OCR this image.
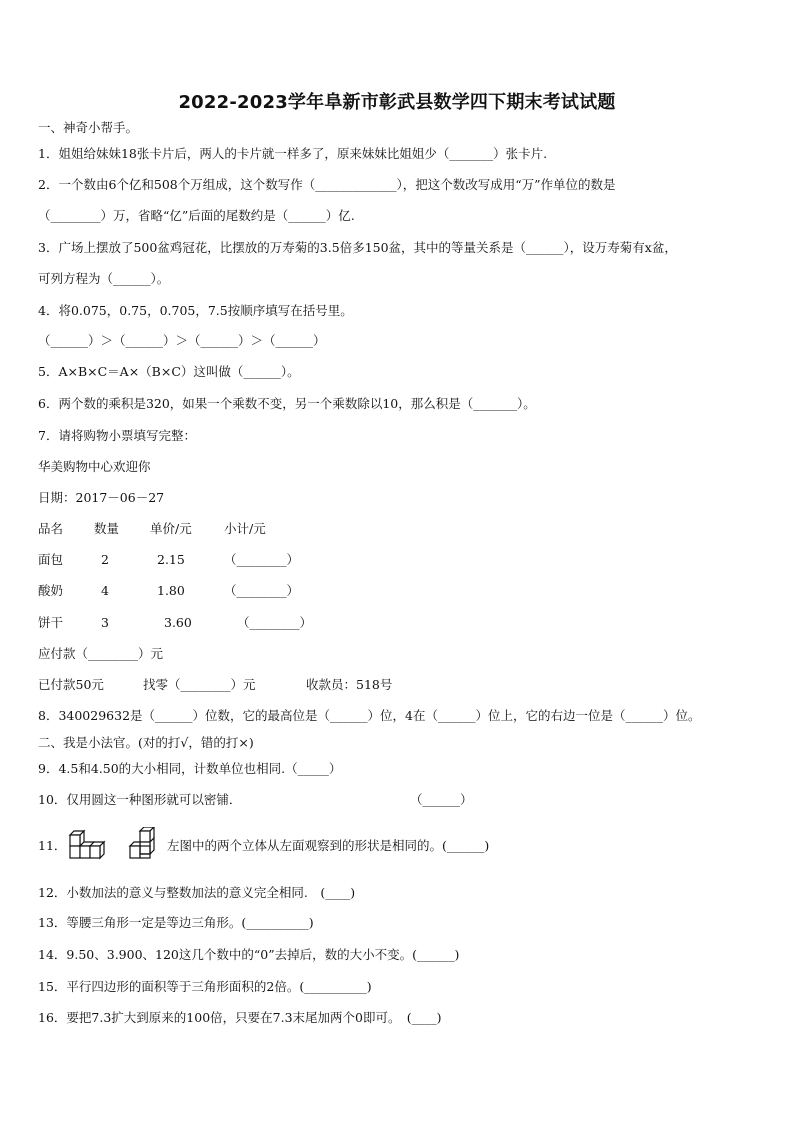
2022-2023学年阜新市彰武县数学四下期末考试试题
一、神奇小帮手。
1．姐姐给妹妹18张卡片后，两人的卡片就一样多了，原来妹妹比姐姐少（_______）张卡片.
2．一个数由6个亿和508个万组成，这个数写作（_____________），把这个数改写成用“万”作单位的数是
（________）万，省略“亿”后面的尾数约是（______）亿.
3．广场上摆放了500盆鸡冠花，比摆放的万寿菊的3.5倍多150盆，其中的等量关系是（______），设万寿菊有x盆，
可列方程为（______）。
4．将0.075，0.75，0.705，7.5按顺序填写在括号里。
（______）＞（______）＞（______）＞（______）
5．A×B×C＝A×（B×C）这叫做（______）。
6．两个数的乘积是320，如果一个乘数不变，另一个乘数除以10，那么积是（_______）。
7．请将购物小票填写完整：
华美购物中心欢迎你
日期：2017－06－27
品名 数量 单价/元	小计/元
面包	2	2.15	（________）
酸奶	4	1.80	（________）
饼干	3	3.60	（________）
应付款（________）元
已付款50元	找零（________）元	收款员：518号
8．340029632是（______）位数，它的最高位是（______）位，4在（______）位上，它的右边一位是（______）位。
二、我是小法官。(对的打√，错的打×)
9．4.5和4.50的大小相同，计数单位也相同.（_____）
10．仅用圆这一种图形就可以密铺．	（______）
11．	左图中的两个立体从左面观察到的形状是相同的。(______)
12．小数加法的意义与整数加法的意义完全相同.　(____)
13．等腰三角形一定是等边三角形。(__________)
14．9.50、3.900、120这几个数中的“0”去掉后，数的大小不变。(______)
15．平行四边形的面积等于三角形面积的2倍。(__________)
16．要把7.3扩大到原来的100倍，只要在7.3末尾加两个0即可。　(____)
